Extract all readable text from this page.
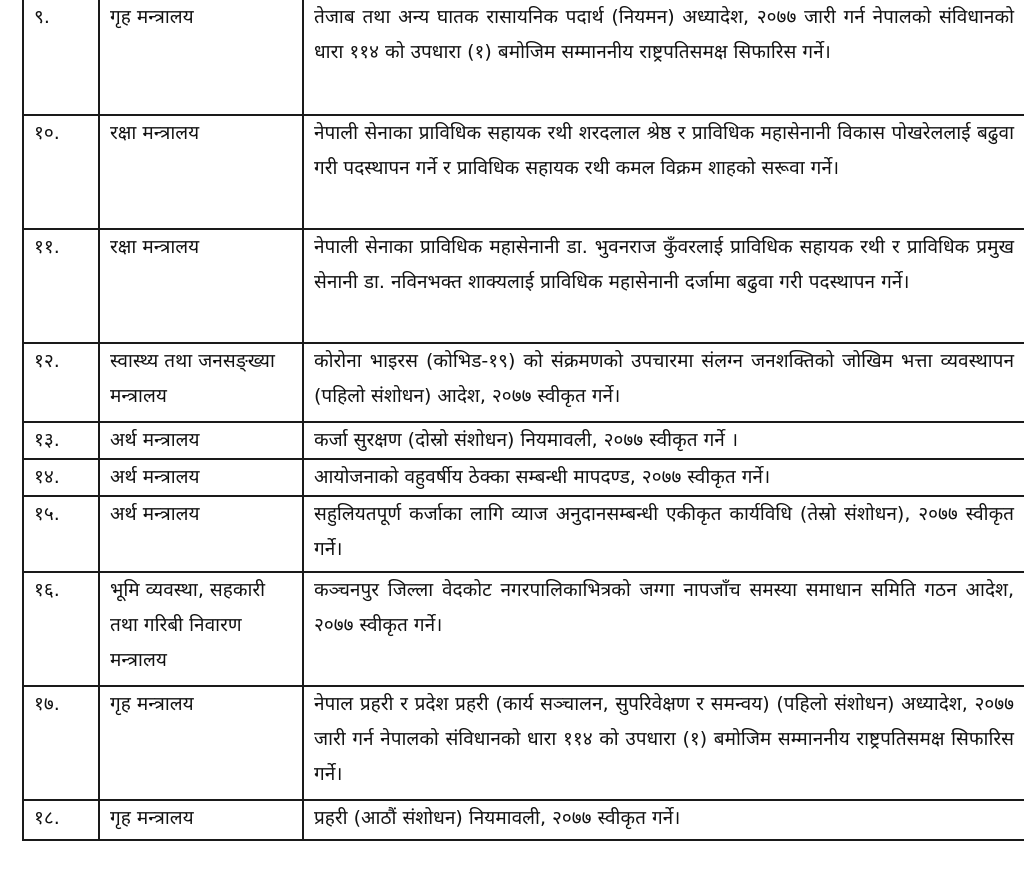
९.	गृह मन्त्रालय	तेजाब तथा अन्य घातक रासायनिक पदार्थ (नियमन) अध्यादेश, २०७७ जारी गर्न नेपालको संविधानको धारा ११४ को उपधारा (१) बमोजिम सम्माननीय राष्ट्रपतिसमक्ष सिफारिस गर्ने।
१०.	रक्षा मन्त्रालय	नेपाली सेनाका प्राविधिक सहायक रथी शरदलाल श्रेष्ठ र प्राविधिक महासेनानी विकास पोखरेललाई बढुवा गरी पदस्थापन गर्ने र प्राविधिक सहायक रथी कमल विक्रम शाहको सरूवा गर्ने।
११.	रक्षा मन्त्रालय	नेपाली सेनाका प्राविधिक महासेनानी डा. भुवनराज कुँवरलाई प्राविधिक सहायक रथी र प्राविधिक प्रमुख सेनानी डा. नविनभक्त शाक्यलाई प्राविधिक महासेनानी दर्जामा बढुवा गरी पदस्थापन गर्ने।
१२.	स्वास्थ्य तथा जनसङ्ख्या मन्त्रालय	कोरोना भाइरस (कोभिड-१९) को संक्रमणको उपचारमा संलग्न जनशक्तिको जोखिम भत्ता व्यवस्थापन (पहिलो संशोधन) आदेश, २०७७ स्वीकृत गर्ने।
१३.	अर्थ मन्त्रालय	कर्जा सुरक्षण (दोस्रो संशोधन) नियमावली, २०७७ स्वीकृत गर्ने ।
१४.	अर्थ मन्त्रालय	आयोजनाको वहुवर्षीय ठेक्का सम्बन्धी मापदण्ड, २०७७ स्वीकृत गर्ने।
१५.	अर्थ मन्त्रालय	सहुलियतपूर्ण कर्जाका लागि व्याज अनुदानसम्बन्धी एकीकृत कार्यविधि (तेस्रो संशोधन), २०७७ स्वीकृत गर्ने।
१६.	भूमि व्यवस्था, सहकारी तथा गरिबी निवारण मन्त्रालय	कञ्चनपुर जिल्ला वेदकोट नगरपालिकाभित्रको जग्गा नापजाँच समस्या समाधान समिति गठन आदेश, २०७७ स्वीकृत गर्ने।
१७.	गृह मन्त्रालय	नेपाल प्रहरी र प्रदेश प्रहरी (कार्य सञ्चालन, सुपरिवेक्षण र समन्वय) (पहिलो संशोधन) अध्यादेश, २०७७ जारी गर्न नेपालको संविधानको धारा ११४ को उपधारा (१) बमोजिम सम्माननीय राष्ट्रपतिसमक्ष सिफारिस गर्ने।
१८.	गृह मन्त्रालय	प्रहरी (आठौं संशोधन) नियमावली, २०७७ स्वीकृत गर्ने।
